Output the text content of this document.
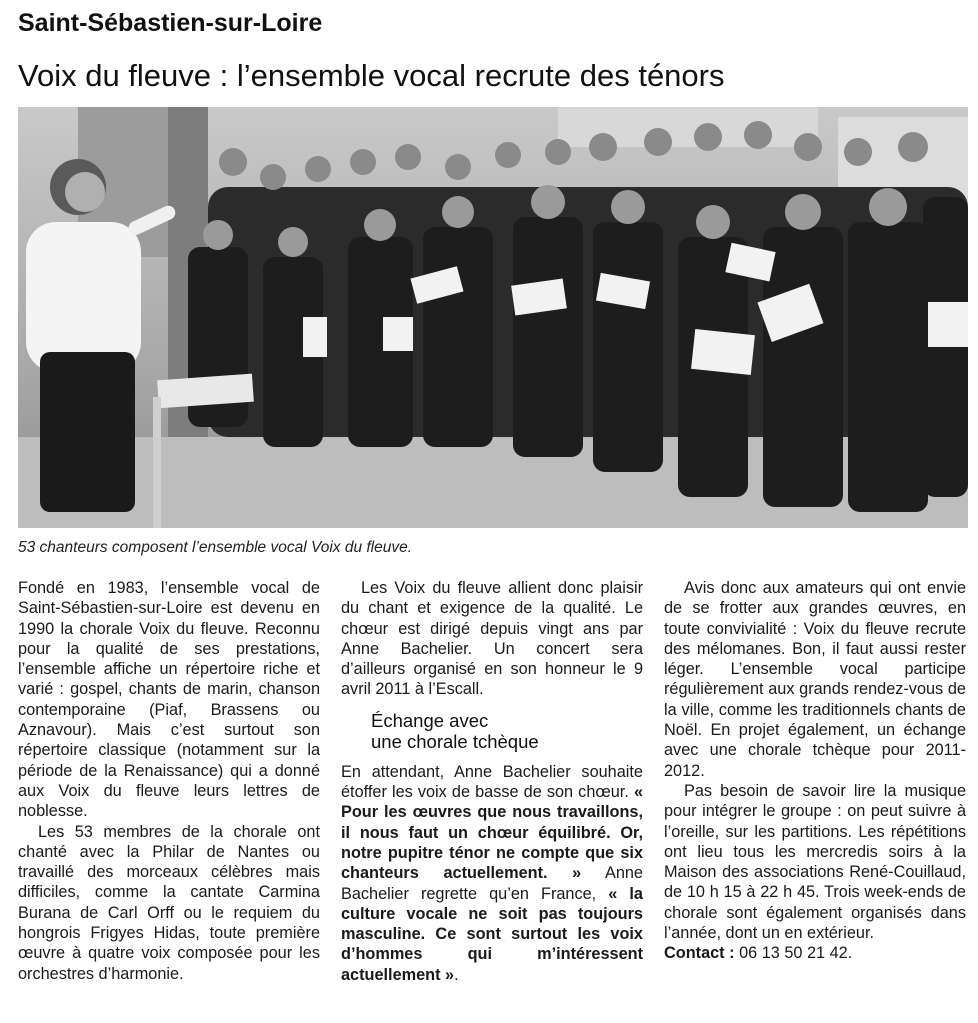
Saint-Sébastien-sur-Loire
Voix du fleuve : l’ensemble vocal recrute des ténors
53 chanteurs composent l’ensemble vocal Voix du fleuve.

Fondé en 1983, l’ensemble vocal de Saint-Sébastien-sur-Loire est devenu en 1990 la chorale Voix du fleuve. Reconnu pour la qualité de ses prestations, l’ensemble affiche un répertoire riche et varié : gospel, chants de marin, chanson contemporaine (Piaf, Brassens ou Aznavour). Mais c’est surtout son répertoire classique (notamment sur la période de la Renaissance) qui a donné aux Voix du fleuve leurs lettres de noblesse.

Les 53 membres de la chorale ont chanté avec la Philar de Nantes ou travaillé des morceaux célèbres mais difficiles, comme la cantate Carmina Burana de Carl Orff ou le requiem du hongrois Frigyes Hidas, toute première œuvre à quatre voix composée pour les orchestres d’harmonie.

Les Voix du fleuve allient donc plaisir du chant et exigence de la qualité. Le chœur est dirigé depuis vingt ans par Anne Bachelier. Un concert sera d’ailleurs organisé en son honneur le 9 avril 2011 à l’Escall.

Échange avec
une chorale tchèque

En attendant, Anne Bachelier souhaite étoffer les voix de basse de son chœur. « Pour les œuvres que nous travaillons, il nous faut un chœur équilibré. Or, notre pupitre ténor ne compte que six chanteurs actuellement. » Anne Bachelier regrette qu’en France, « la culture vocale ne soit pas toujours masculine. Ce sont surtout les voix d’hommes qui m’intéressent actuellement ».

Avis donc aux amateurs qui ont envie de se frotter aux grandes œuvres, en toute convivialité : Voix du fleuve recrute des mélomanes. Bon, il faut aussi rester léger. L’ensemble vocal participe régulièrement aux grands rendez-vous de la ville, comme les traditionnels chants de Noël. En projet également, un échange avec une chorale tchèque pour 2011-2012.

Pas besoin de savoir lire la musique pour intégrer le groupe : on peut suivre à l’oreille, sur les partitions. Les répétitions ont lieu tous les mercredis soirs à la Maison des associations René-Couillaud, de 10 h 15 à 22 h 45. Trois week-ends de chorale sont également organisés dans l’année, dont un en extérieur.

Contact : 06 13 50 21 42.
